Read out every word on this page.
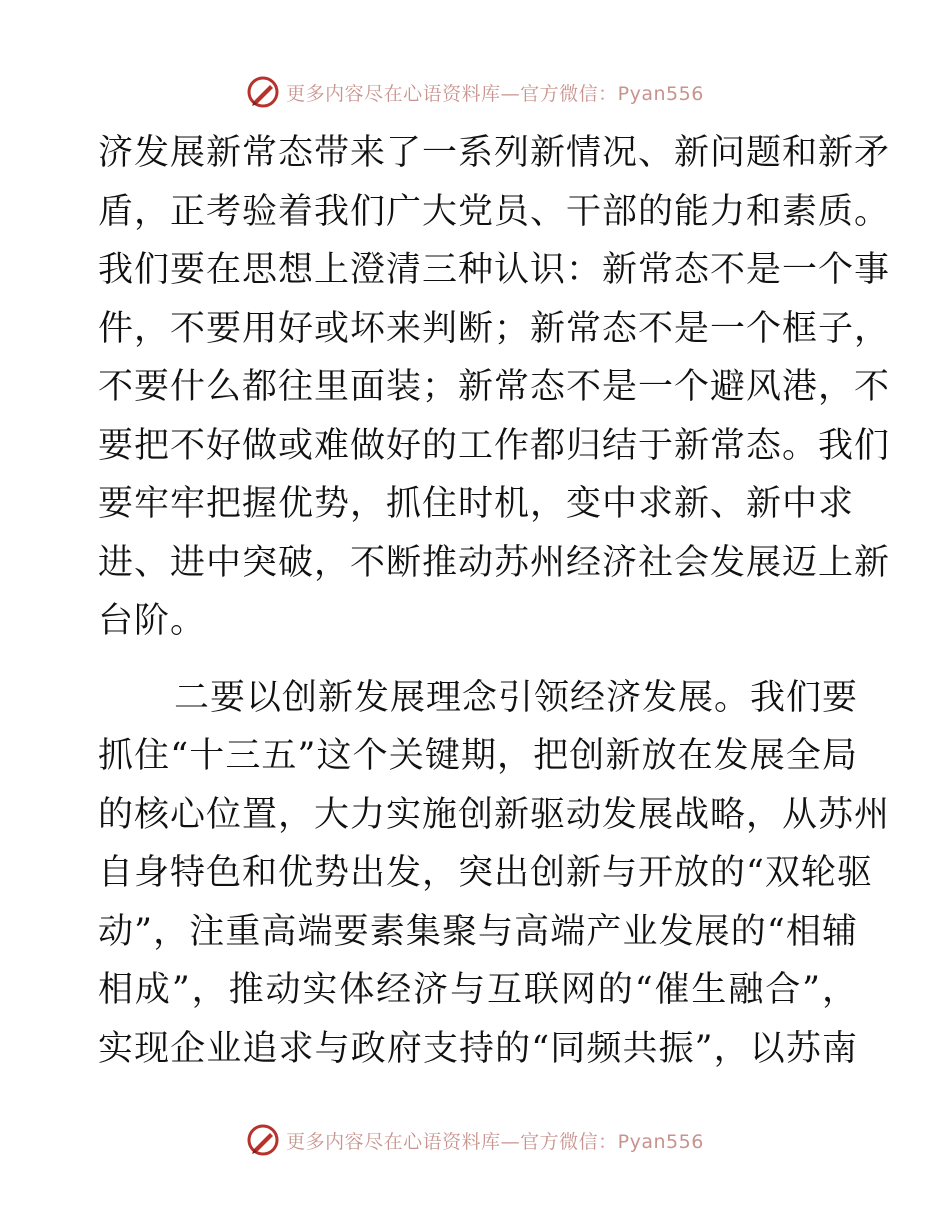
更多内容尽在心语资料库—官方微信：Pyan556
济发展新常态带来了一系列新情况、新问题和新矛
盾，正考验着我们广大党员、干部的能力和素质。
我们要在思想上澄清三种认识：新常态不是一个事
件，不要用好或坏来判断；新常态不是一个框子，
不要什么都往里面装；新常态不是一个避风港，不
要把不好做或难做好的工作都归结于新常态。我们
要牢牢把握优势，抓住时机，变中求新、新中求
进、进中突破，不断推动苏州经济社会发展迈上新
台阶。
二要以创新发展理念引领经济发展。我们要
抓住“十三五”这个关键期，把创新放在发展全局
的核心位置，大力实施创新驱动发展战略，从苏州
自身特色和优势出发，突出创新与开放的“双轮驱
动”，注重高端要素集聚与高端产业发展的“相辅
相成”，推动实体经济与互联网的“催生融合”，
实现企业追求与政府支持的“同频共振”，以苏南
更多内容尽在心语资料库—官方微信：Pyan556
